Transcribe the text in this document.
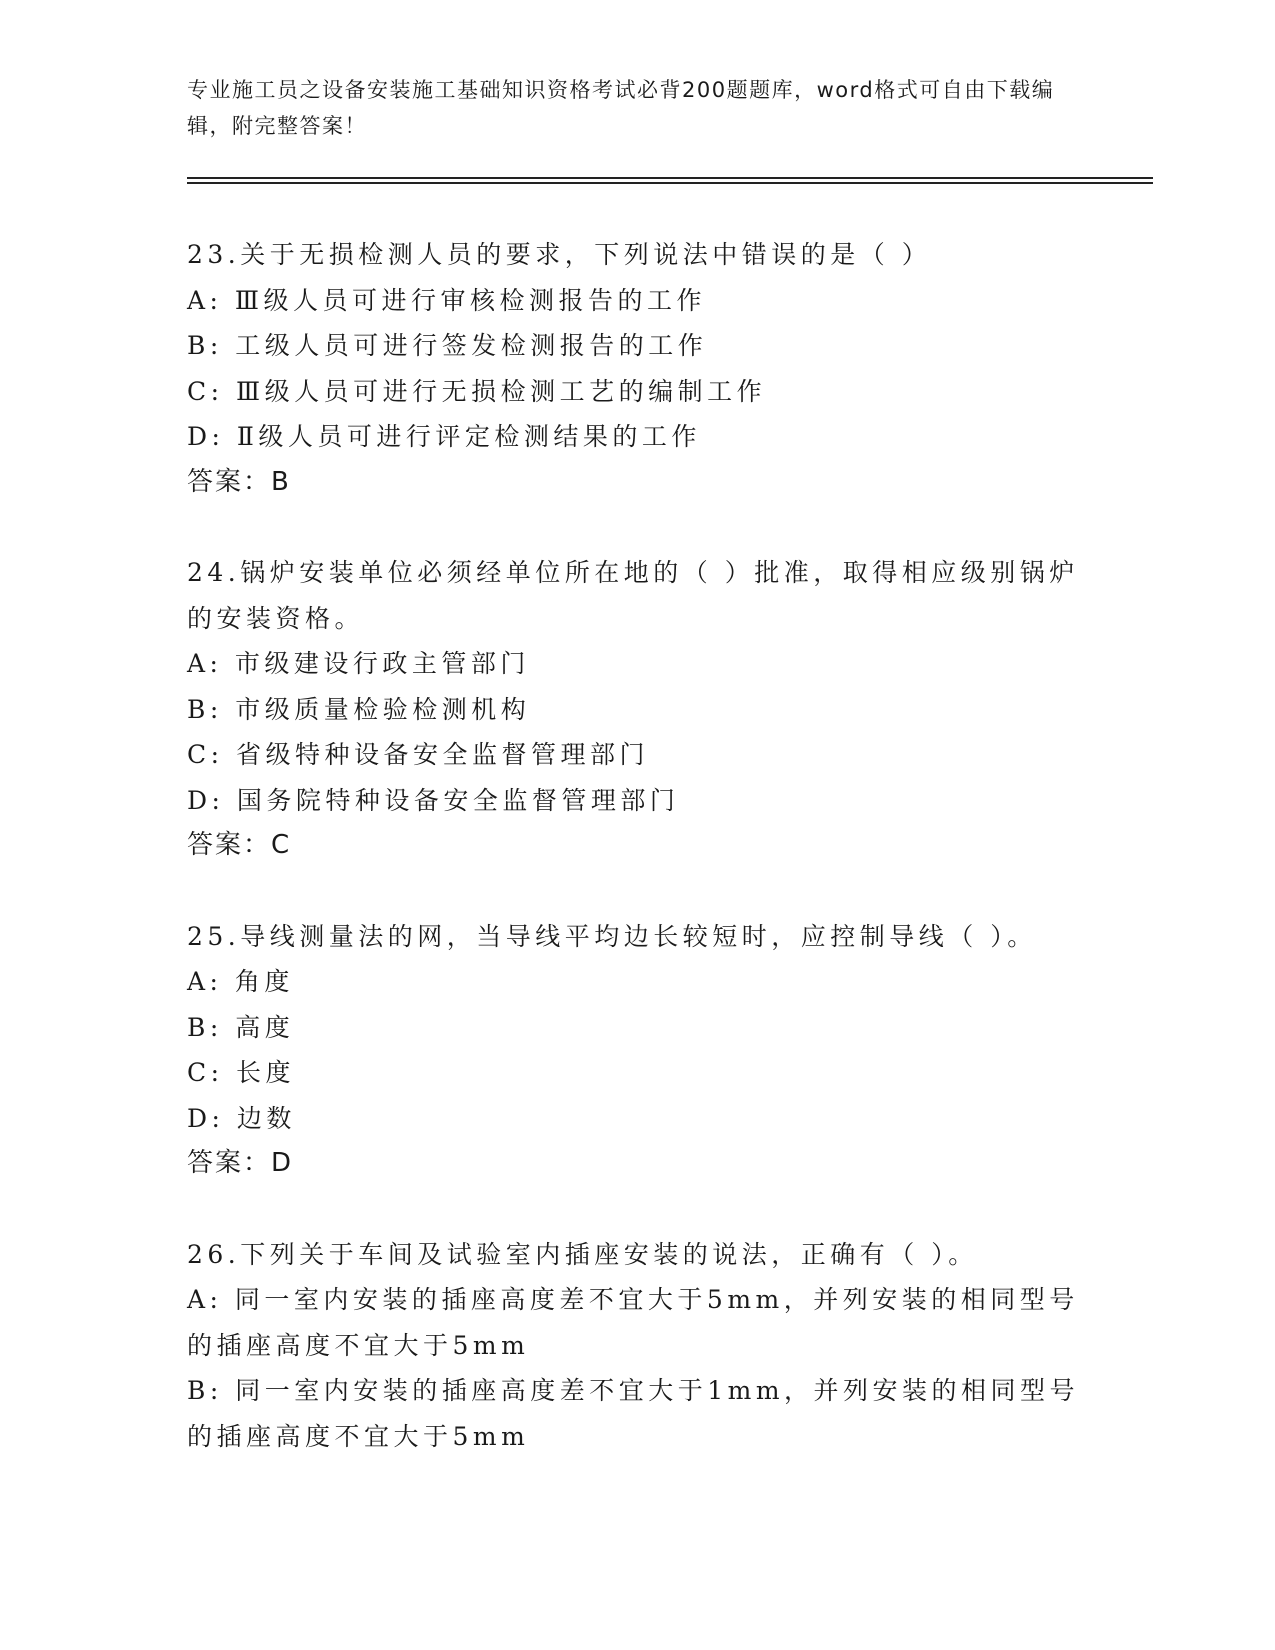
专业施工员之设备安装施工基础知识资格考试必背200题题库，word格式可自由下载编辑，附完整答案！
23.关于无损检测人员的要求，下列说法中错误的是（ ）
A: Ⅲ级人员可进行审核检测报告的工作
B: 工级人员可进行签发检测报告的工作
C: Ⅲ级人员可进行无损检测工艺的编制工作
D: Ⅱ级人员可进行评定检测结果的工作
答案：B
24.锅炉安装单位必须经单位所在地的（ ）批准，取得相应级别锅炉的安装资格。
A: 市级建设行政主管部门
B: 市级质量检验检测机构
C: 省级特种设备安全监督管理部门
D: 国务院特种设备安全监督管理部门
答案：C
25.导线测量法的网，当导线平均边长较短时，应控制导线（ ）。
A: 角度
B: 高度
C: 长度
D: 边数
答案：D
26.下列关于车间及试验室内插座安装的说法，正确有（ ）。
A: 同一室内安装的插座高度差不宜大于5mm，并列安装的相同型号的插座高度不宜大于5mm
B: 同一室内安装的插座高度差不宜大于1mm，并列安装的相同型号的插座高度不宜大于5mm
